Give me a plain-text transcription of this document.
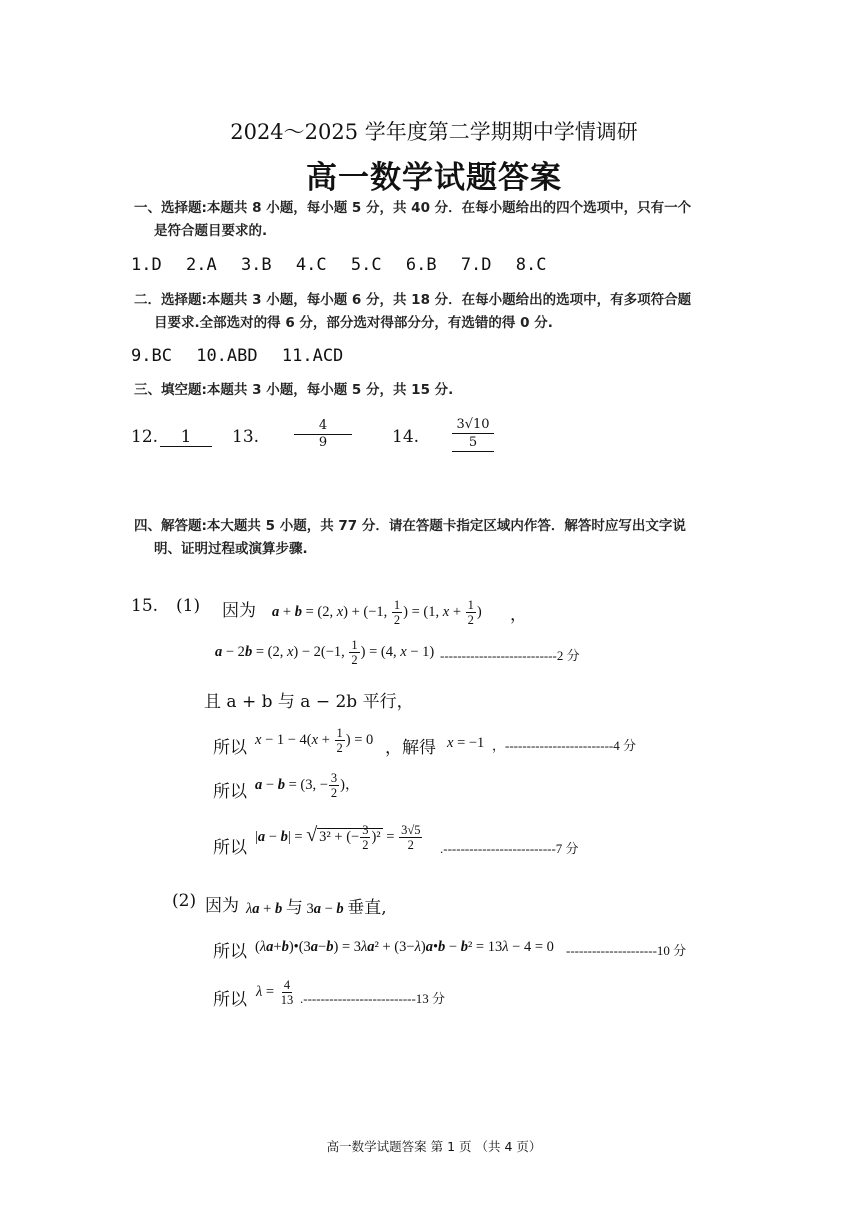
2024～2025 学年度第二学期期中学情调研
高一数学试题答案
一、选择题:本题共 8 小题，每小题 5 分，共 40 分．在每小题给出的四个选项中，只有一个
是符合题目要求的.
1.D 2.A 3.B 4.C 5.C 6.B 7.D 8.C
二．选择题:本题共 3 小题，每小题 6 分，共 18 分．在每小题给出的选项中，有多项符合题
目要求.全部选对的得 6 分，部分选对得部分分，有选错的得 0 分.
9.BC 10.ABD 11.ACD
三、填空题:本题共 3 小题，每小题 5 分，共 15 分.
12.	1	13.	$\frac{4}{9} 14$.	$\frac{3√10}{5}$
四、解答题:本大题共 5 小题，共 77 分．请在答题卡指定区域内作答．解答时应写出文字说
明、证明过程或演算步骤.
15. (1) 因为 a + b = (2, x) + (−1, $\frac{1}{2}$ ) = (1, $x + \frac{1}{2}$ ) ，
a − 2b = (2, x) − 2(−1, $\frac{1}{2}$ ) = (4, x − 1) ---------------------------2 分
且 a + b 与 a − 2b 平行，
所以 $x - 1 - 4(x + \frac{1}{2}$ ) = 0 ，解得 x = −1 ，-------------------------4 分
所以 a − b = (3, − $\frac{3}{2}$ )，
所以
|a − b| = √ 3² + (− $\frac{3}{2} )^2 = \frac{3√5}{2} .--------------------------7$ 分
(2) 因为 λa + b 与 3a − b 垂直,
所以 (λa+b)•(3a−b) = 3λa² + (3−λ)a•b − b² = 13λ − 4 = 0 ---------------------10 分
所以 $\lambda = \frac{4}{13} .--------------------------13$ 分
高一数学试题答案 第 1 页 （共 4 页）
